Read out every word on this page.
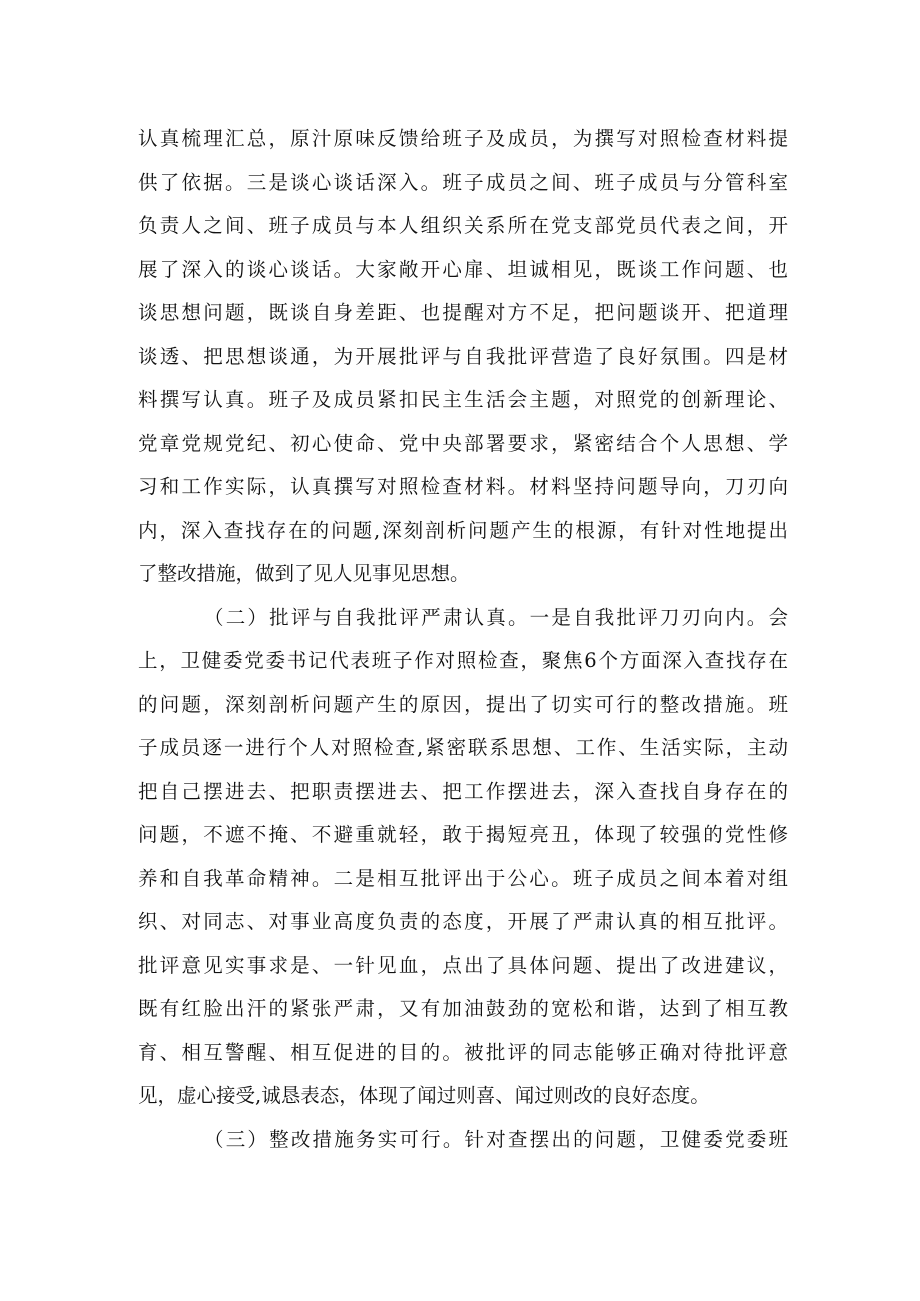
认真梳理汇总，原汁原味反馈给班子及成员，为撰写对照检查材料提
供了依据。三是谈心谈话深入。班子成员之间、班子成员与分管科室
负责人之间、班子成员与本人组织关系所在党支部党员代表之间，开
展了深入的谈心谈话。大家敞开心扉、坦诚相见，既谈工作问题、也
谈思想问题，既谈自身差距、也提醒对方不足，把问题谈开、把道理
谈透、把思想谈通，为开展批评与自我批评营造了良好氛围。四是材
料撰写认真。班子及成员紧扣民主生活会主题，对照党的创新理论、
党章党规党纪、初心使命、党中央部署要求，紧密结合个人思想、学
习和工作实际，认真撰写对照检查材料。材料坚持问题导向，刀刃向
内，深入查找存在的问题,深刻剖析问题产生的根源，有针对性地提出
了整改措施，做到了见人见事见思想。
（二）批评与自我批评严肃认真。一是自我批评刀刃向内。会
上，卫健委党委书记代表班子作对照检查，聚焦6个方面深入查找存在
的问题，深刻剖析问题产生的原因，提出了切实可行的整改措施。班
子成员逐一进行个人对照检查,紧密联系思想、工作、生活实际，主动
把自己摆进去、把职责摆进去、把工作摆进去，深入查找自身存在的
问题，不遮不掩、不避重就轻，敢于揭短亮丑，体现了较强的党性修
养和自我革命精神。二是相互批评出于公心。班子成员之间本着对组
织、对同志、对事业高度负责的态度，开展了严肃认真的相互批评。
批评意见实事求是、一针见血，点出了具体问题、提出了改进建议，
既有红脸出汗的紧张严肃，又有加油鼓劲的宽松和谐，达到了相互教
育、相互警醒、相互促进的目的。被批评的同志能够正确对待批评意
见，虚心接受,诚恳表态，体现了闻过则喜、闻过则改的良好态度。
（三）整改措施务实可行。针对查摆出的问题，卫健委党委班
